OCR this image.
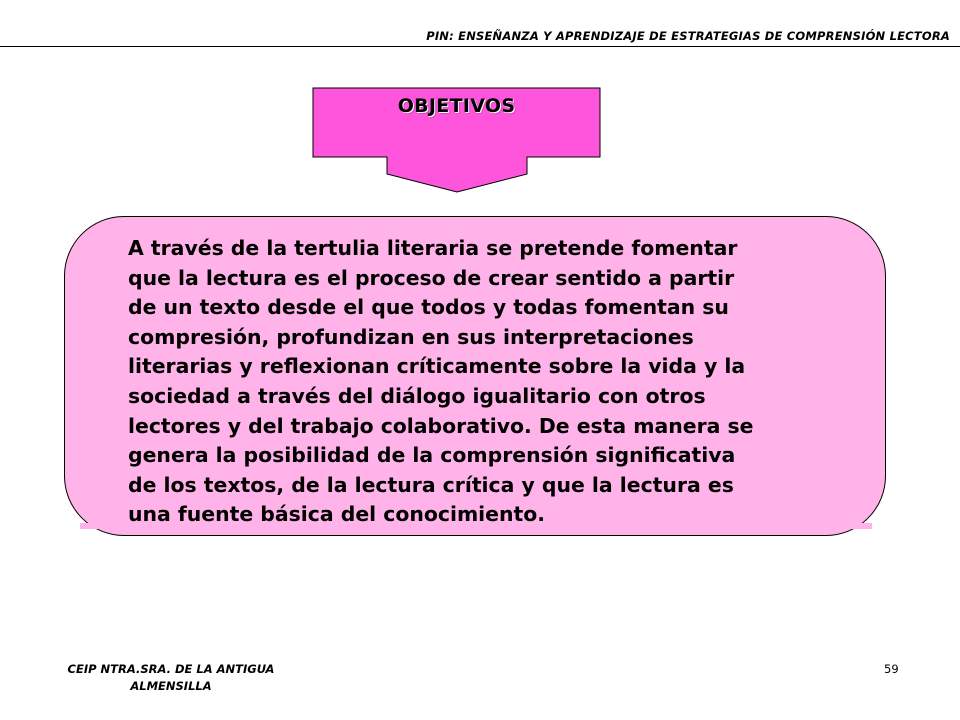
PIN: ENSEÑANZA Y APRENDIZAJE DE ESTRATEGIAS DE COMPRENSIÓN LECTORA
OBJETIVOS
A través de la tertulia literaria se pretende fomentar
que la lectura es el proceso de crear sentido a partir
de un texto desde el que todos y todas fomentan su
compresión, profundizan en sus interpretaciones
literarias y reflexionan críticamente sobre la vida y la
sociedad a través del diálogo igualitario con otros
lectores y del trabajo colaborativo. De esta manera se
genera la posibilidad de la comprensión significativa
de los textos, de la lectura crítica y que la lectura es
una fuente básica del conocimiento.
CEIP NTRA.SRA. DE LA ANTIGUA
ALMENSILLA
59
